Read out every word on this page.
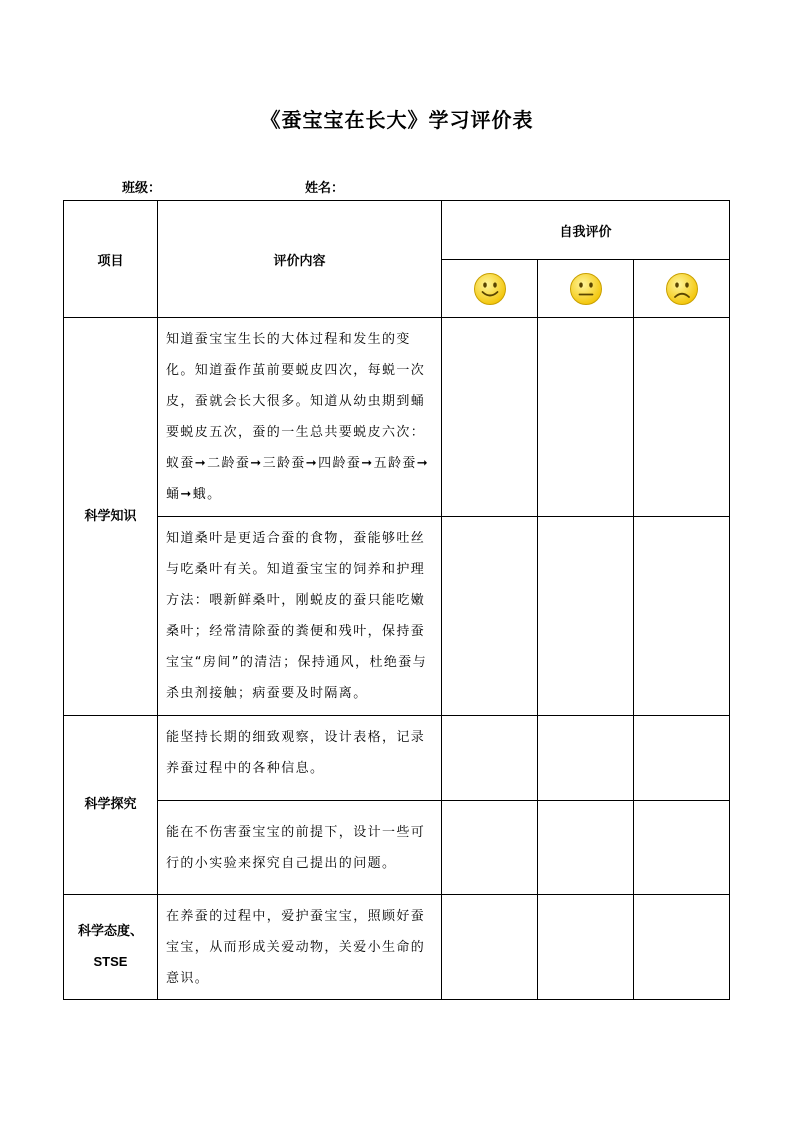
《蚕宝宝在长大》学习评价表
班级：	姓名：
项目	评价内容	自我评价		

科学知识	知道蚕宝宝生长的大体过程和发生的变化。知道蚕作茧前要蜕皮四次，每蜕一次皮，蚕就会长大很多。知道从幼虫期到蛹要蜕皮五次，蚕的一生总共要蜕皮六次：蚁蚕➞二龄蚕➞三龄蚕➞四龄蚕➞五龄蚕➞蛹➞蛾。			
	知道桑叶是更适合蚕的食物，蚕能够吐丝与吃桑叶有关。知道蚕宝宝的饲养和护理方法：喂新鲜桑叶，刚蜕皮的蚕只能吃嫩桑叶；经常清除蚕的粪便和残叶，保持蚕宝宝“房间”的清洁；保持通风，杜绝蚕与杀虫剂接触；病蚕要及时隔离。			
科学探究	能坚持长期的细致观察，设计表格，记录养蚕过程中的各种信息。			
	能在不伤害蚕宝宝的前提下，设计一些可行的小实验来探究自己提出的问题。			

科学态度、
STSE	在养蚕的过程中，爱护蚕宝宝，照顾好蚕宝宝，从而形成关爱动物，关爱小生命的意识。			
